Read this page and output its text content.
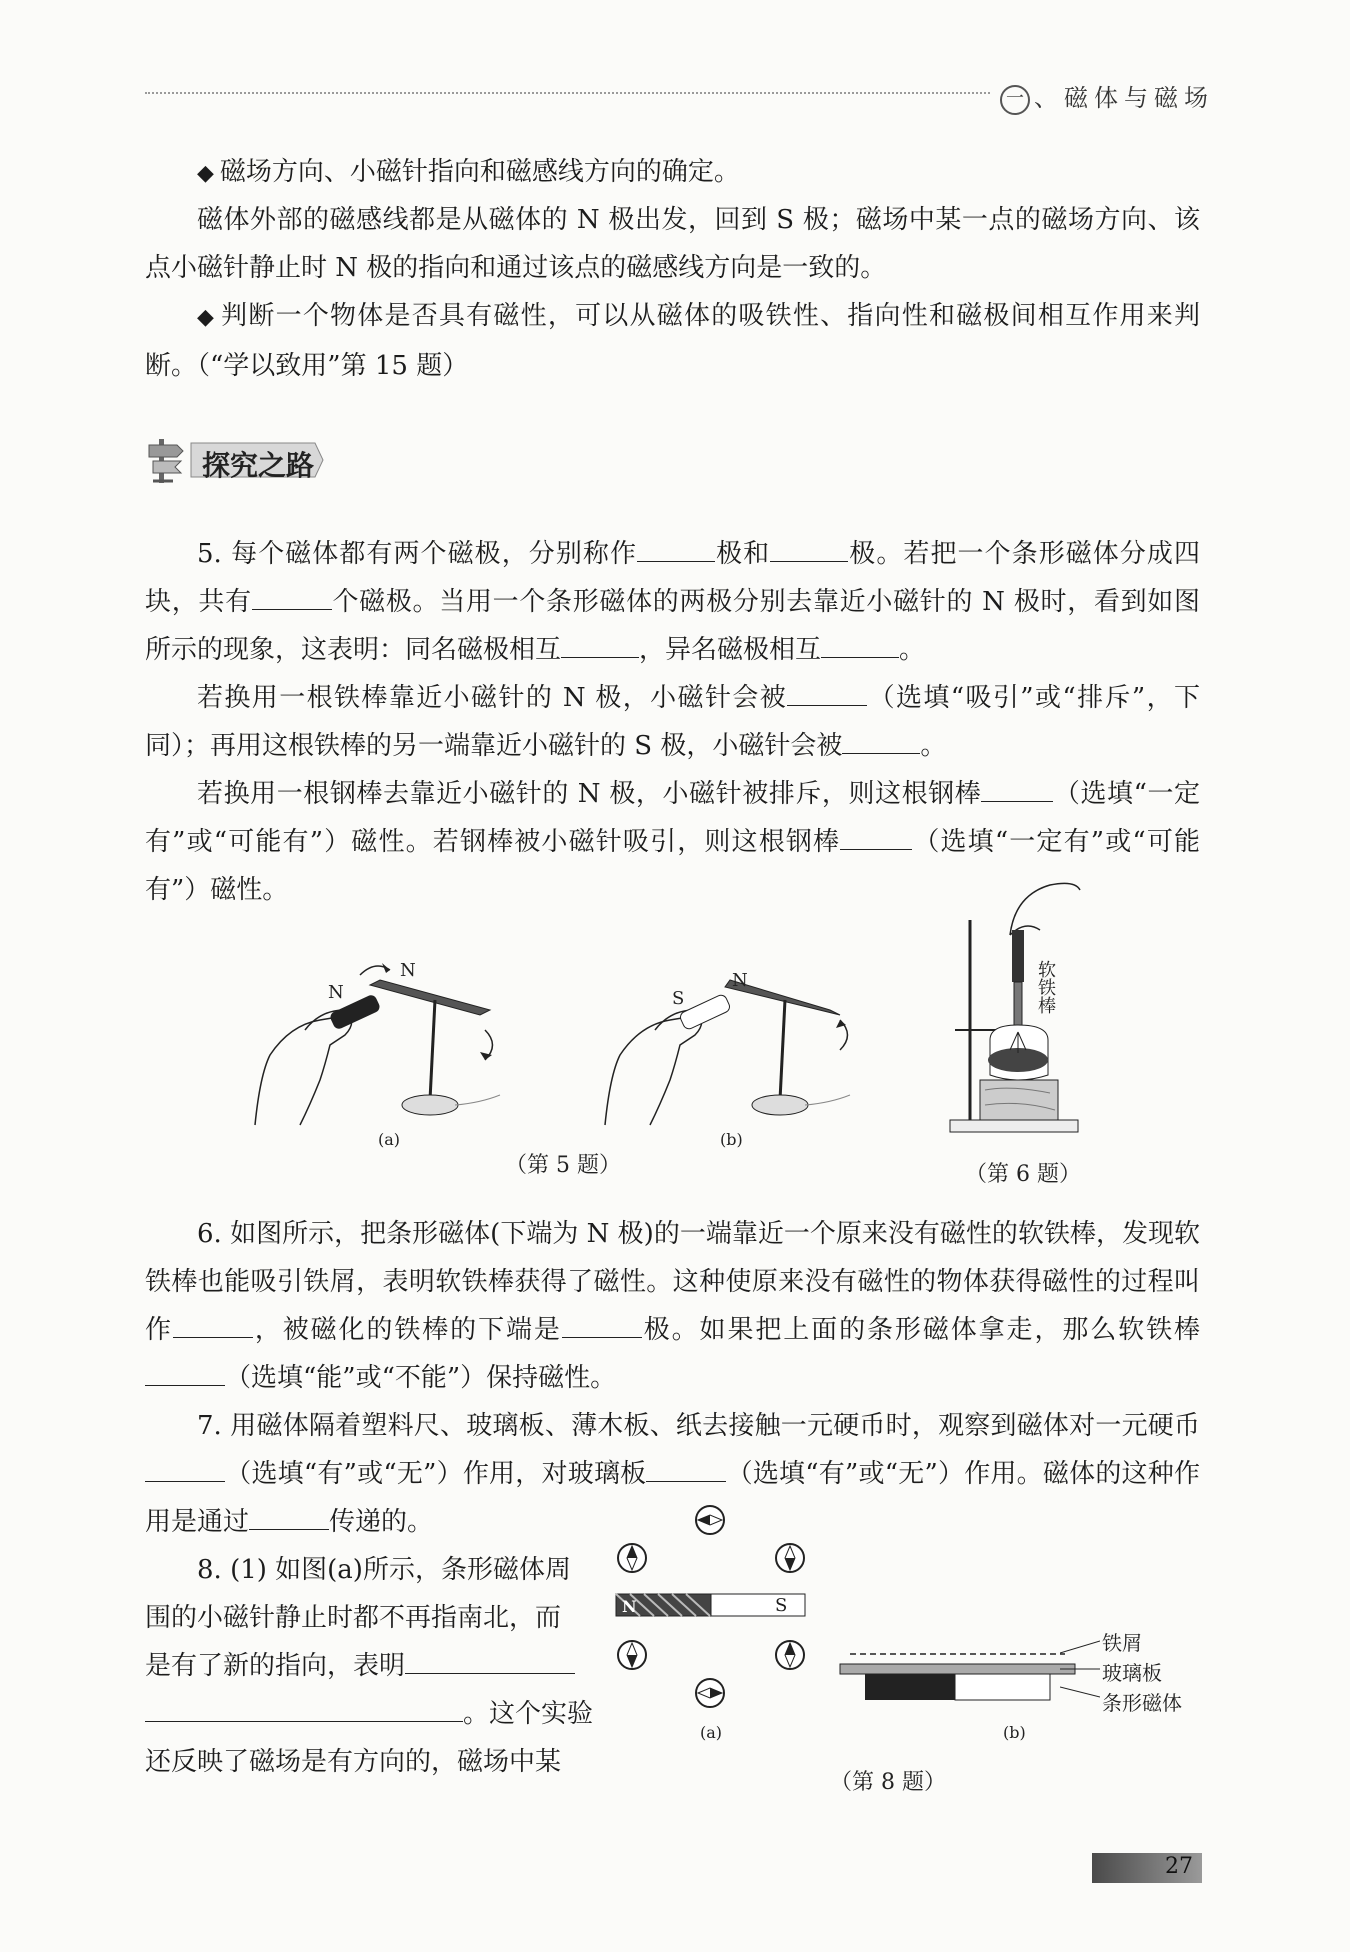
一 、磁体与磁场

◆ 磁场方向、小磁针指向和磁感线方向的确定。

磁体外部的磁感线都是从磁体的 N 极出发，回到 S 极；磁场中某一点的磁场方向、该点小磁针静止时 N 极的指向和通过该点的磁感线方向是一致的。

◆ 判断一个物体是否具有磁性，可以从磁体的吸铁性、指向性和磁极间相互作用来判断。（“学以致用”第 15 题）

探究之路

5. 每个磁体都有两个磁极，分别称作	极和	极。若把一个条形磁体分成四块，共有	个磁极。当用一个条形磁体的两极分别去靠近小磁针的 N 极时，看到如图所示的现象，这表明：同名磁极相互	，异名磁极相互	。

若换用一根铁棒靠近小磁针的 N 极，小磁针会被	（选填“吸引”或“排斥”，下同）；再用这根铁棒的另一端靠近小磁针的 S 极，小磁针会被	。

若换用一根钢棒去靠近小磁针的 N 极，小磁针被排斥，则这根钢棒	（选填“一定有”或“可能有”）磁性。若钢棒被小磁针吸引，则这根钢棒	（选填“一定有”或“可能有”）磁性。

N
N
(a)
S
N
(b)
（第 5 题）
软铁棒
（第 6 题）

6. 如图所示，把条形磁体(下端为 N 极)的一端靠近一个原来没有磁性的软铁棒，发现软铁棒也能吸引铁屑，表明软铁棒获得了磁性。这种使原来没有磁性的物体获得磁性的过程叫作	，被磁化的铁棒的下端是	极。如果把上面的条形磁体拿走，那么软铁棒（选填“能”或“不能”）保持磁性。

7. 用磁体隔着塑料尺、玻璃板、薄木板、纸去接触一元硬币时，观察到磁体对一元硬币（选填“有”或“无”）作用，对玻璃板	（选填“有”或“无”）作用。磁体的这种作用是通过	传递的。

8. (1) 如图(a)所示，条形磁体周
围的小磁针静止时都不再指南北，而
是有了新的指向，表明
。这个实验
还反映了磁场是有方向的，磁场中某
N	S
(a)
铁屑
玻璃板
条形磁体
(b)
（第 8 题）
27
